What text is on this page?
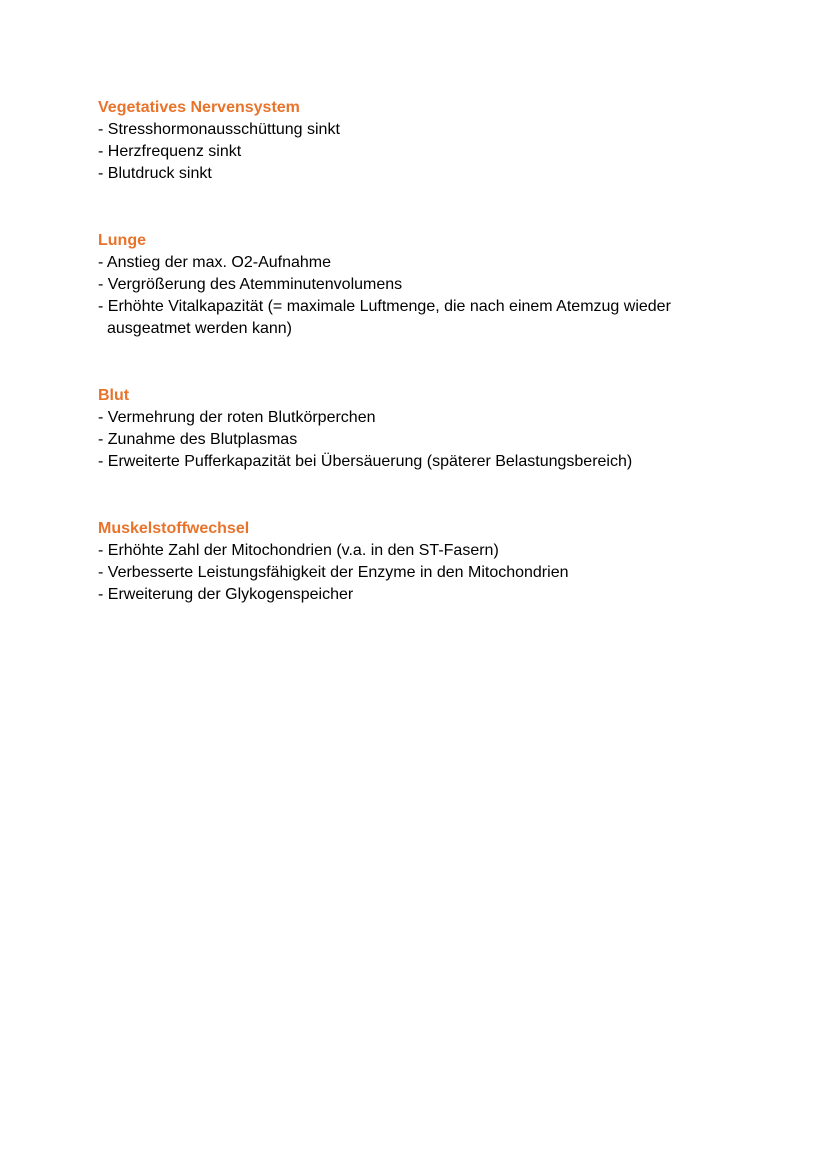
Vegetatives Nervensystem
- Stresshormonausschüttung sinkt
- Herzfrequenz sinkt
- Blutdruck sinkt
Lunge
- Anstieg der max. O2-Aufnahme
- Vergrößerung des Atemminutenvolumens
- Erhöhte Vitalkapazität (= maximale Luftmenge, die nach einem Atemzug wieder ausgeatmet werden kann)
Blut
- Vermehrung der roten Blutkörperchen
- Zunahme des Blutplasmas
- Erweiterte Pufferkapazität bei Übersäuerung (späterer Belastungsbereich)
Muskelstoffwechsel
- Erhöhte Zahl der Mitochondrien (v.a. in den ST-Fasern)
- Verbesserte Leistungsfähigkeit der Enzyme in den Mitochondrien
- Erweiterung der Glykogenspeicher
